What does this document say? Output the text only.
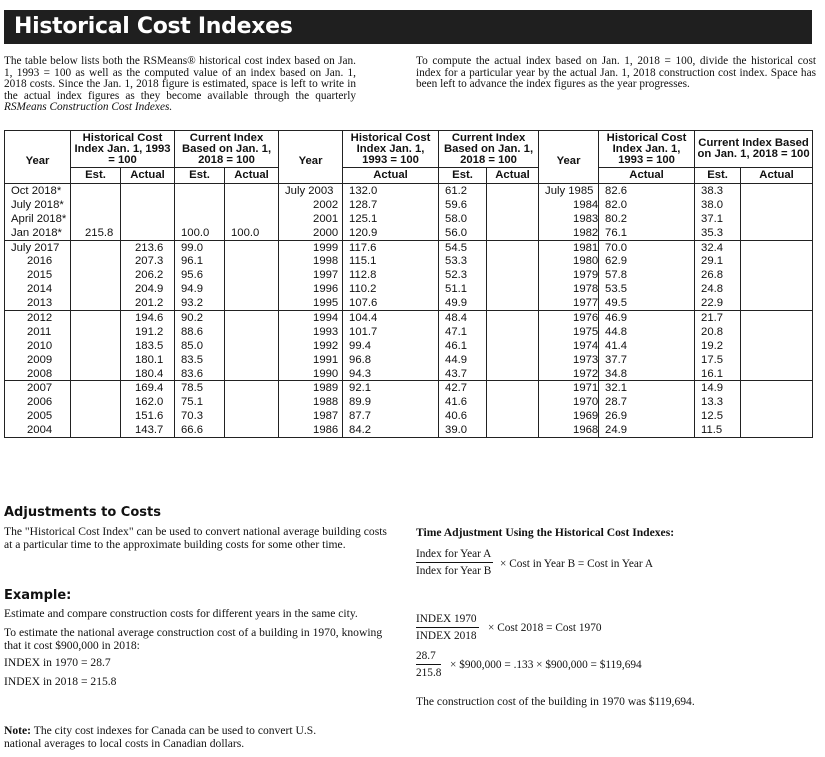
Historical Cost Indexes
The table below lists both the RSMeans® historical cost index based on Jan. 1, 1993 = 100 as well as the computed value of an index based on Jan. 1, 2018 costs. Since the Jan. 1, 2018 figure is estimated, space is left to write in the actual index figures as they become available through the quarterly RSMeans Construction Cost Indexes.
To compute the actual index based on Jan. 1, 2018 = 100, divide the historical cost index for a particular year by the actual Jan. 1, 2018 construction cost index. Space has been left to advance the index figures as the year progresses.
Year	Historical Cost Index Jan. 1, 1993 = 100		Current Index Based on Jan. 1, 2018 = 100		Year	Historical Cost Index Jan. 1, 1993 = 100	Current Index Based on Jan. 1, 2018 = 100		Year	Historical Cost Index Jan. 1, 1993 = 100	Current Index Based on Jan. 1, 2018 = 100	
	Est.	Actual	Est.	Actual		Actual	Est.	Actual		Actual	Est.	Actual
Oct 2018*					July 2003	132.0	61.2		July 1985	82.6	38.3	
July 2018*					2002	128.7	59.6		1984	82.0	38.0	
April 2018*					2001	125.1	58.0		1983	80.2	37.1	
Jan 2018*	215.8		100.0	100.0	2000	120.9	56.0		1982	76.1	35.3	
July 2017		213.6	99.0		1999	117.6	54.5		1981	70.0	32.4	
2016		207.3	96.1		1998	115.1	53.3		1980	62.9	29.1	
2015		206.2	95.6		1997	112.8	52.3		1979	57.8	26.8	
2014		204.9	94.9		1996	110.2	51.1		1978	53.5	24.8	
2013		201.2	93.2		1995	107.6	49.9		1977	49.5	22.9	
2012		194.6	90.2		1994	104.4	48.4		1976	46.9	21.7	
2011		191.2	88.6		1993	101.7	47.1		1975	44.8	20.8	
2010		183.5	85.0		1992	99.4	46.1		1974	41.4	19.2	
2009		180.1	83.5		1991	96.8	44.9		1973	37.7	17.5	
2008		180.4	83.6		1990	94.3	43.7		1972	34.8	16.1	
2007		169.4	78.5		1989	92.1	42.7		1971	32.1	14.9	
2006		162.0	75.1		1988	89.9	41.6		1970	28.7	13.3	
2005		151.6	70.3		1987	87.7	40.6		1969	26.9	12.5	
2004		143.7	66.6		1986	84.2	39.0		1968	24.9	11.5	
Adjustments to Costs
The "Historical Cost Index" can be used to convert national average building costs at a particular time to the approximate building costs for some other time.
Time Adjustment Using the Historical Cost Indexes:
Index for Year A
Index for Year B
× Cost in Year B = Cost in Year A
Example:
Estimate and compare construction costs for different years in the same city.
To estimate the national average construction cost of a building in 1970, knowing that it cost $900,000 in 2018:
INDEX in 1970 = 28.7
INDEX in 2018 = 215.8
INDEX 1970
INDEX 2018
× Cost 2018 = Cost 1970
$\frac{28.7}{215.8}$ × $900,000 = .133 × $900,000 = $119,694
The construction cost of the building in 1970 was $119,694.
Note: The city cost indexes for Canada can be used to convert U.S. national averages to local costs in Canadian dollars.
